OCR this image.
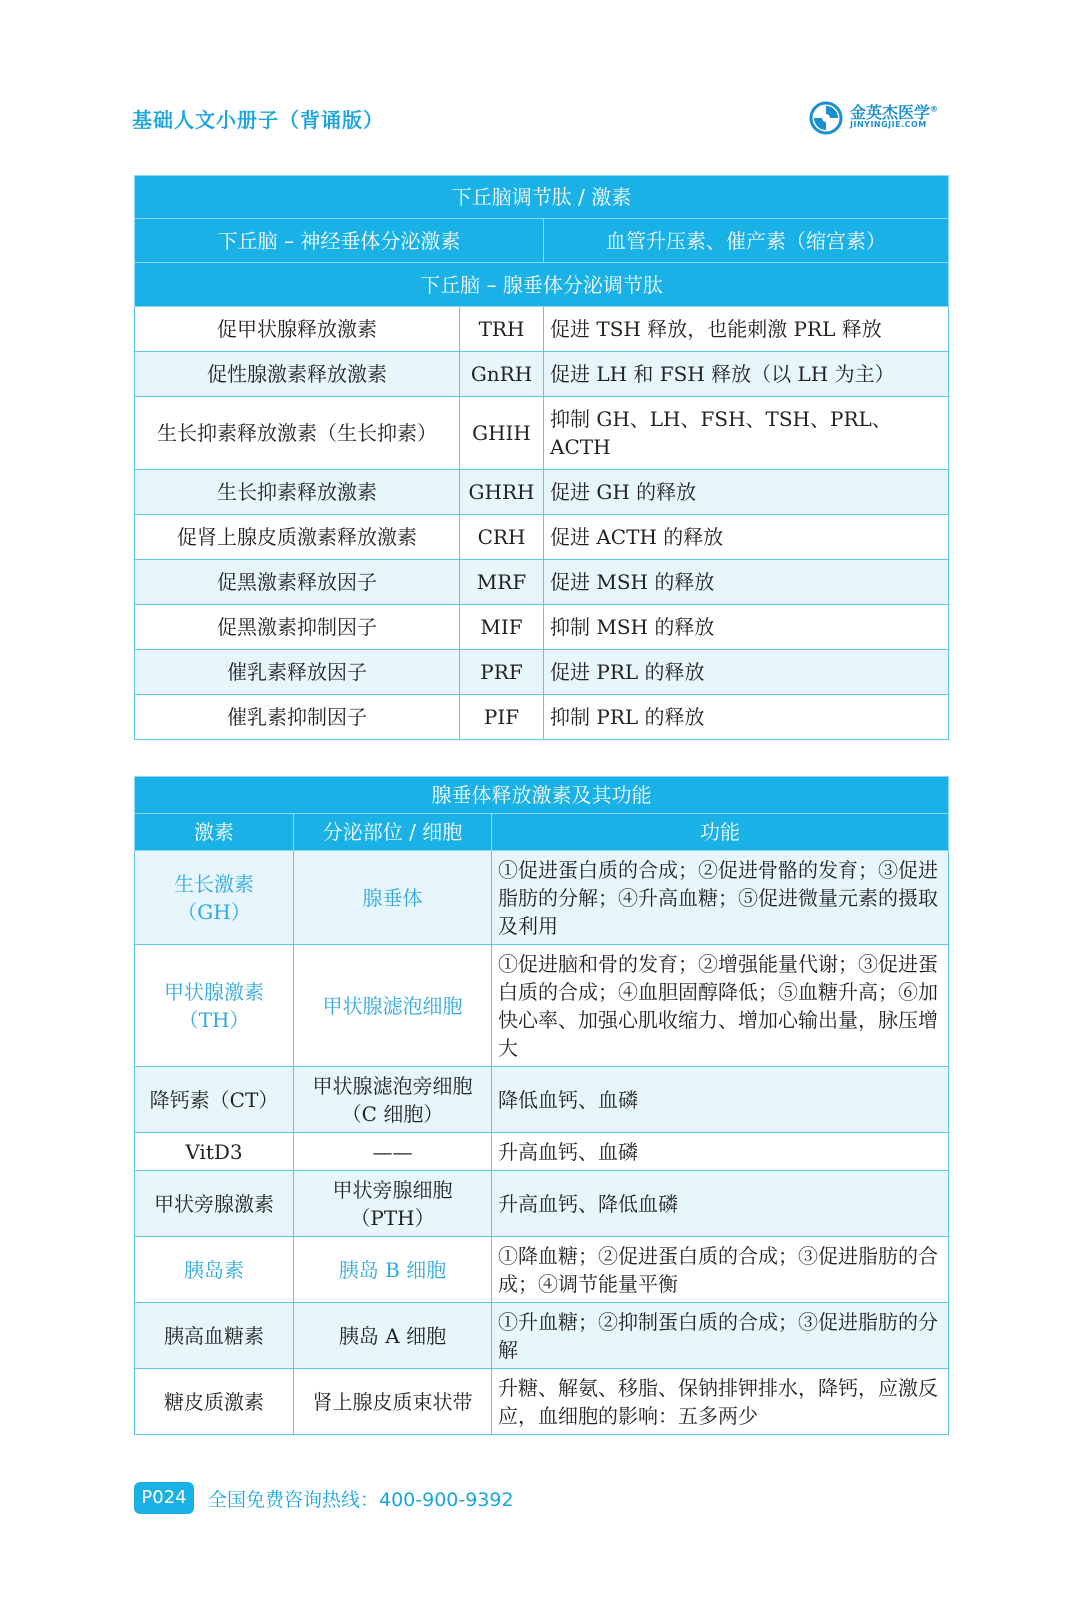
基础人文小册子（背诵版）	金英杰医学®
JINYINGJIE.COM
下丘脑调节肽 / 激素		
下丘脑 – 神经垂体分泌激素		血管升压素、催产素（缩宫素）
下丘脑 – 腺垂体分泌调节肽		
促甲状腺释放激素	TRH	促进 TSH 释放，也能刺激 PRL 释放
促性腺激素释放激素	GnRH	促进 LH 和 FSH 释放（以 LH 为主）
生长抑素释放激素（生长抑素）	GHIH	抑制 GH、LH、FSH、TSH、PRL、ACTH
生长抑素释放激素	GHRH	促进 GH 的释放
促肾上腺皮质激素释放激素	CRH	促进 ACTH 的释放
促黑激素释放因子	MRF	促进 MSH 的释放
促黑激素抑制因子	MIF	抑制 MSH 的释放
催乳素释放因子	PRF	促进 PRL 的释放
催乳素抑制因子	PIF	抑制 PRL 的释放
腺垂体释放激素及其功能		
激素	分泌部位 / 细胞	功能
生长激素
（GH）	腺垂体	①促进蛋白质的合成；②促进骨骼的发育；③促进脂肪的分解；④升高血糖；⑤促进微量元素的摄取及利用
甲状腺激素
（TH）	甲状腺滤泡细胞	①促进脑和骨的发育；②增强能量代谢；③促进蛋白质的合成；④血胆固醇降低；⑤血糖升高；⑥加快心率、加强心肌收缩力、增加心输出量，脉压增大
降钙素（CT）	甲状腺滤泡旁细胞（C 细胞）	降低血钙、血磷
VitD3	——	升高血钙、血磷
甲状旁腺激素	甲状旁腺细胞（PTH）	升高血钙、降低血磷
胰岛素	胰岛 B 细胞	①降血糖；②促进蛋白质的合成；③促进脂肪的合成；④调节能量平衡
胰高血糖素	胰岛 A 细胞	①升血糖；②抑制蛋白质的合成；③促进脂肪的分解
糖皮质激素	肾上腺皮质束状带	升糖、解氨、移脂、保钠排钾排水，降钙，应激反应，血细胞的影响：五多两少
P024	全国免费咨询热线：400-900-9392
